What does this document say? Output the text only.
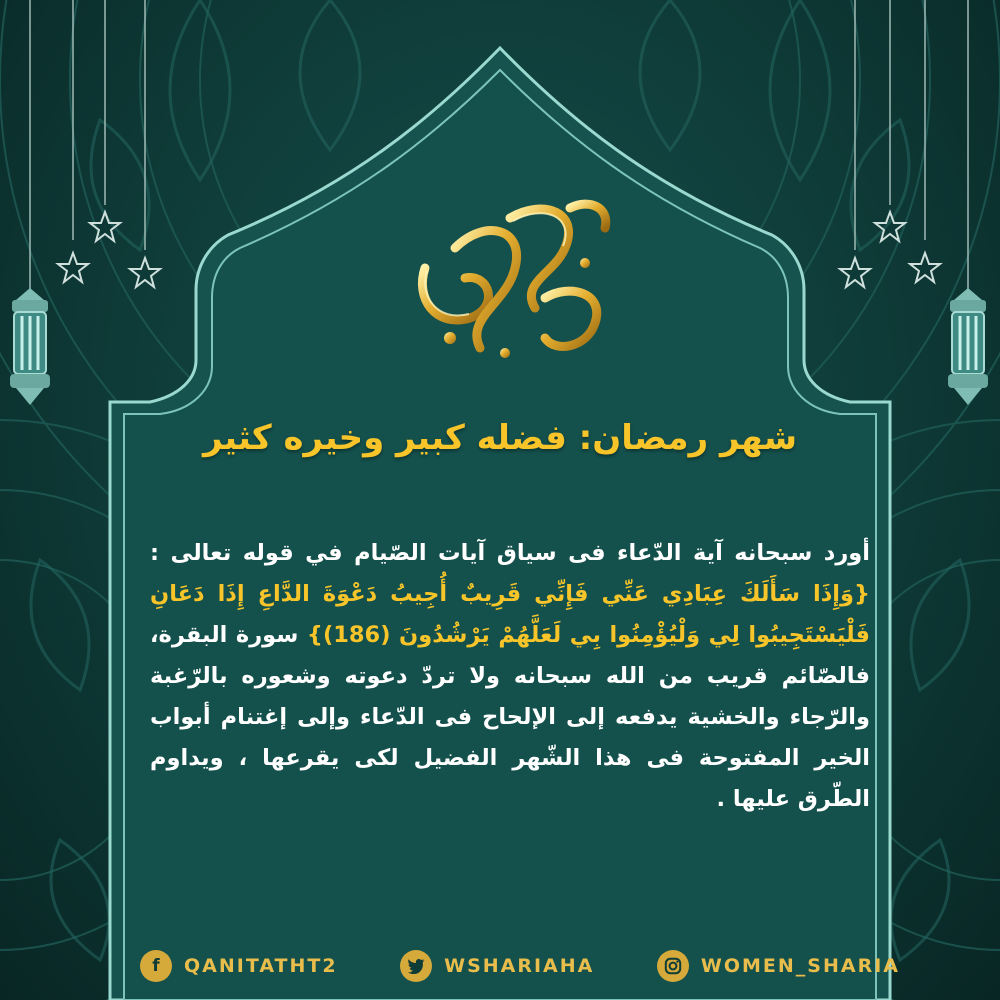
رمضان مبارك
شهر رمضان: فضله كبير وخيره كثير
أورد سبحانه آية الدّعاء فى سياق آيات الصّيام في قوله تعالى : {وَإِذَا سَأَلَكَ عِبَادِي عَنِّي فَإِنِّي قَرِيبٌ أُجِيبُ دَعْوَةَ الدَّاعِ إِذَا دَعَانِ فَلْيَسْتَجِيبُوا لِي وَلْيُؤْمِنُوا بِي لَعَلَّهُمْ يَرْشُدُونَ (186)} سورة البقرة، فالصّائم قريب من الله سبحانه ولا تردّ دعوته وشعوره بالرّغبة والرّجاء والخشية يدفعه إلى الإلحاح فى الدّعاء وإلى إغتنام أبواب الخير المفتوحة فى هذا الشّهر الفضيل لكى يقرعها ، ويداوم الطّرق عليها .
f	QANITATHT2	WSHARIAHA	WOMEN_SHARIA
